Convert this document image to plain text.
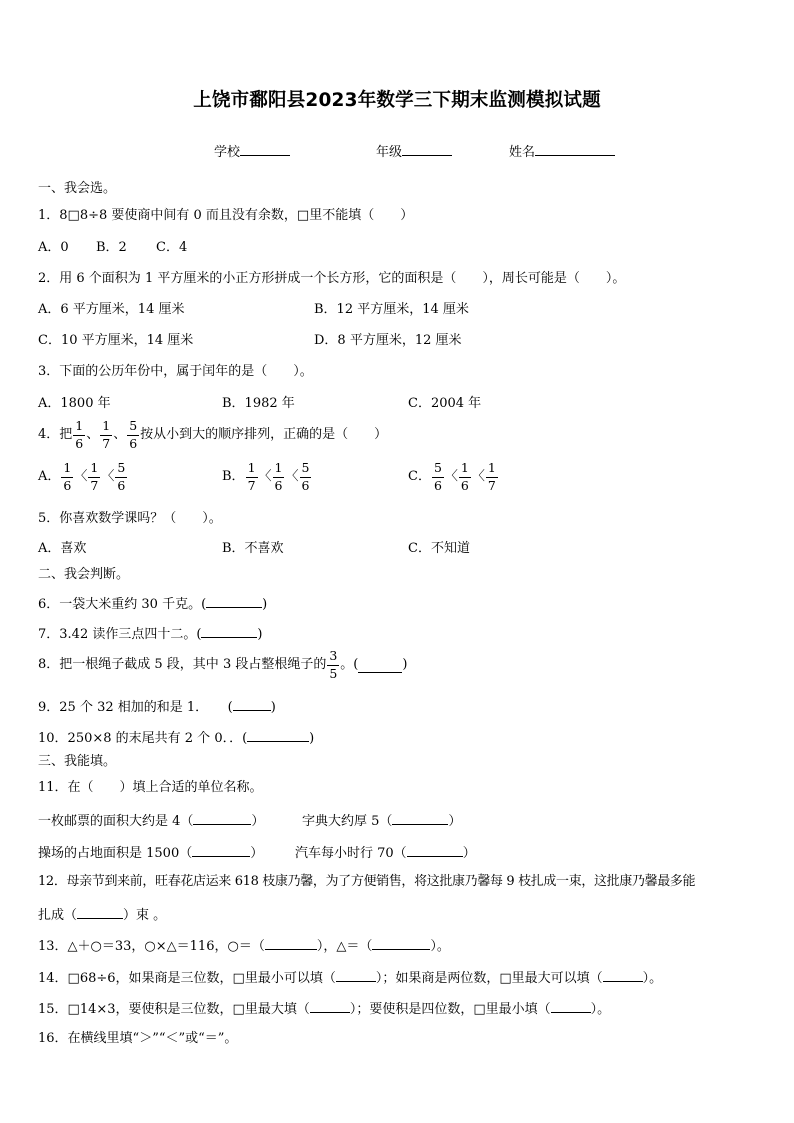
上饶市鄱阳县2023年数学三下期末监测模拟试题
学校	年级	姓名
一、我会选。
1．8□8÷8 要使商中间有 0 而且没有余数，□里不能填（　　）
A．0 B．2 C．4
2．用 6 个面积为 1 平方厘米的小正方形拼成一个长方形，它的面积是（　　），周长可能是（　　）。
A．6 平方厘米，14 厘米	B．12 平方厘米，14 厘米
C．10 平方厘米，14 厘米	D．8 平方厘米，12 厘米
3．下面的公历年份中，属于闰年的是（　　）。
A．1800 年	B．1982 年	C．2004 年
4．把 $\frac{1}{6}$ 、 $\frac{1}{7}$ 、 $\frac{5}{6}$ 按从小到大的顺序排列，正确的是（　　）
A． $\frac{1}{6}$ 〈 $\frac{1}{7}$ 〈 $\frac{5}{6}$	B． $\frac{1}{7}$ 〈 $\frac{1}{6}$ 〈 $\frac{5}{6}$	C． $\frac{5}{6}$ 〈 $\frac{1}{6}$ 〈 $\frac{1}{7}$
5．你喜欢数学课吗？（　　）。
A．喜欢	B．不喜欢	C．不知道
二、我会判断。
6．一袋大米重约 30 千克。(	)
7．3.42 读作三点四十二。(	)
8．把一根绳子截成 5 段，其中 3 段占整根绳子的 $\frac{3}{5}$ 。(	)
9．25 个 32 相加的和是 1．　　(	)
10．250×8 的末尾共有 2 个 0．．(	)
三、我能填。
11．在（　　）填上合适的单位名称。
一枚邮票的面积大约是 4（	）	字典大约厚 5（	）
操场的占地面积是 1500（	） 汽车每小时行 70（	）
12．母亲节到来前，旺春花店运来 618 枝康乃馨，为了方便销售，将这批康乃馨每 9 枝扎成一束，这批康乃馨最多能
扎成（	）束 。
13．△＋○＝33，○×△＝116，○＝（	），△＝（	）。
14．□68÷6，如果商是三位数，□里最小可以填（	）；如果商是两位数，□里最大可以填（	）。
15．□14×3，要使积是三位数，□里最大填（	）；要使积是四位数，□里最小填（	）。
16．在横线里填“＞”“＜”或“＝”。
